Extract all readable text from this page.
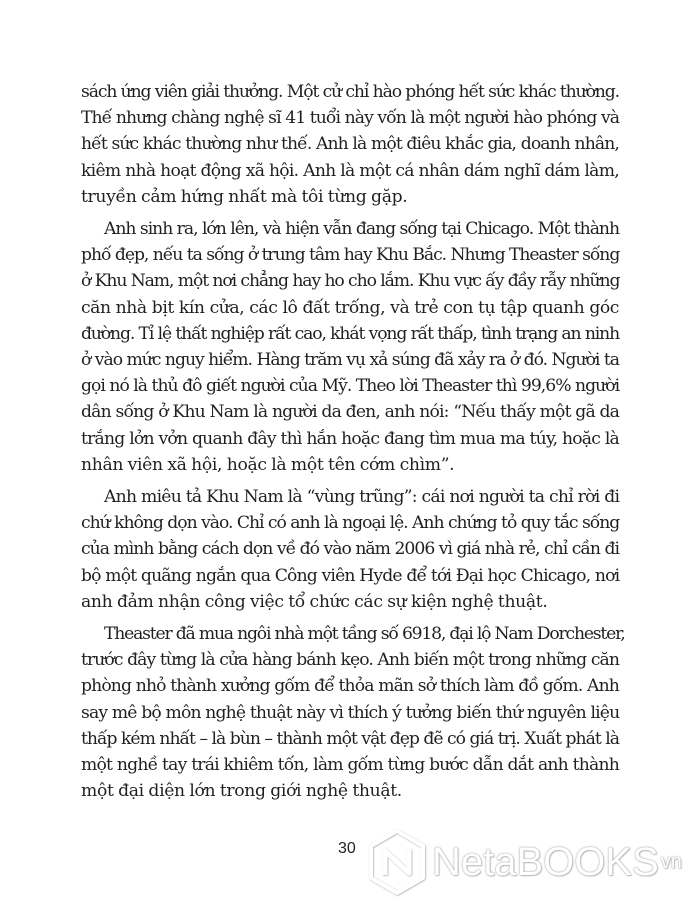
sách ứng viên giải thưởng. Một cử chỉ hào phóng hết sức khác thường.
Thế nhưng chàng nghệ sĩ 41 tuổi này vốn là một người hào phóng và
hết sức khác thường như thế. Anh là một điêu khắc gia, doanh nhân,
kiêm nhà hoạt động xã hội. Anh là một cá nhân dám nghĩ dám làm,
truyền cảm hứng nhất mà tôi từng gặp.

Anh sinh ra, lớn lên, và hiện vẫn đang sống tại Chicago. Một thành
phố đẹp, nếu ta sống ở trung tâm hay Khu Bắc. Nhưng Theaster sống
ở Khu Nam, một nơi chẳng hay ho cho lắm. Khu vực ấy đầy rẫy những
căn nhà bịt kín cửa, các lô đất trống, và trẻ con tụ tập quanh góc
đường. Tỉ lệ thất nghiệp rất cao, khát vọng rất thấp, tình trạng an ninh
ở vào mức nguy hiểm. Hàng trăm vụ xả súng đã xảy ra ở đó. Người ta
gọi nó là thủ đô giết người của Mỹ. Theo lời Theaster thì 99,6% người
dân sống ở Khu Nam là người da đen, anh nói: “Nếu thấy một gã da
trắng lởn vởn quanh đây thì hắn hoặc đang tìm mua ma túy, hoặc là
nhân viên xã hội, hoặc là một tên cớm chìm”.

Anh miêu tả Khu Nam là “vùng trũng”: cái nơi người ta chỉ rời đi
chứ không dọn vào. Chỉ có anh là ngoại lệ. Anh chứng tỏ quy tắc sống
của mình bằng cách dọn về đó vào năm 2006 vì giá nhà rẻ, chỉ cần đi
bộ một quãng ngắn qua Công viên Hyde để tới Đại học Chicago, nơi
anh đảm nhận công việc tổ chức các sự kiện nghệ thuật.

Theaster đã mua ngôi nhà một tầng số 6918, đại lộ Nam Dorchester,
trước đây từng là cửa hàng bánh kẹo. Anh biến một trong những căn
phòng nhỏ thành xưởng gốm để thỏa mãn sở thích làm đồ gốm. Anh
say mê bộ môn nghệ thuật này vì thích ý tưởng biến thứ nguyên liệu
thấp kém nhất – là bùn – thành một vật đẹp đẽ có giá trị. Xuất phát là
một nghề tay trái khiêm tốn, làm gốm từng bước dẫn dắt anh thành
một đại diện lớn trong giới nghệ thuật.

30 NetaBOOKS vn
